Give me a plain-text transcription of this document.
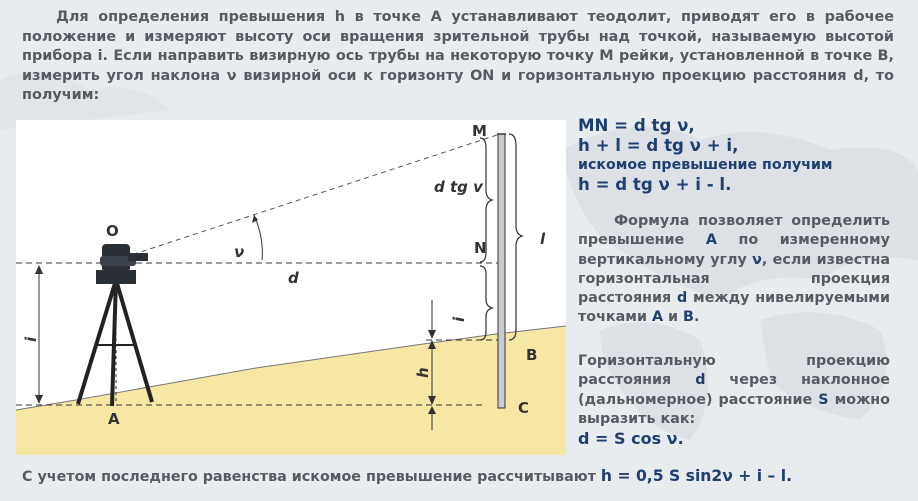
Для определения превышения h в точке А устанавливают теодолит, приводят его в рабочее положение и измеряют высоту оси вращения зрительной трубы над точкой, называемую высотой прибора i. Если направить визирную ось трубы на некоторую точку М рейки, установленной в точке В, измерить угол наклона ν визирной оси к горизонту ON и горизонтальную проекцию расстояния d, то получим:

O
M
N
B
C
A
d
ν
d tg v
l
i
i
h
MN = d tg ν,
h + l = d tg ν + i,
искомое превышение получим
h = d tg ν + i - l.

Формула позволяет определить превышение А по измеренному вертикальному углу ν, если известна горизонтальная проекция расстояния d между нивелируемыми точками А и В.

Горизонтальную проекцию расстояния d через наклонное (дальномерное) расстояние S можно выразить как:
d = S cos ν.

С учетом последнего равенства искомое превышение рассчитывают h = 0,5 S sin2ν + i – l.
